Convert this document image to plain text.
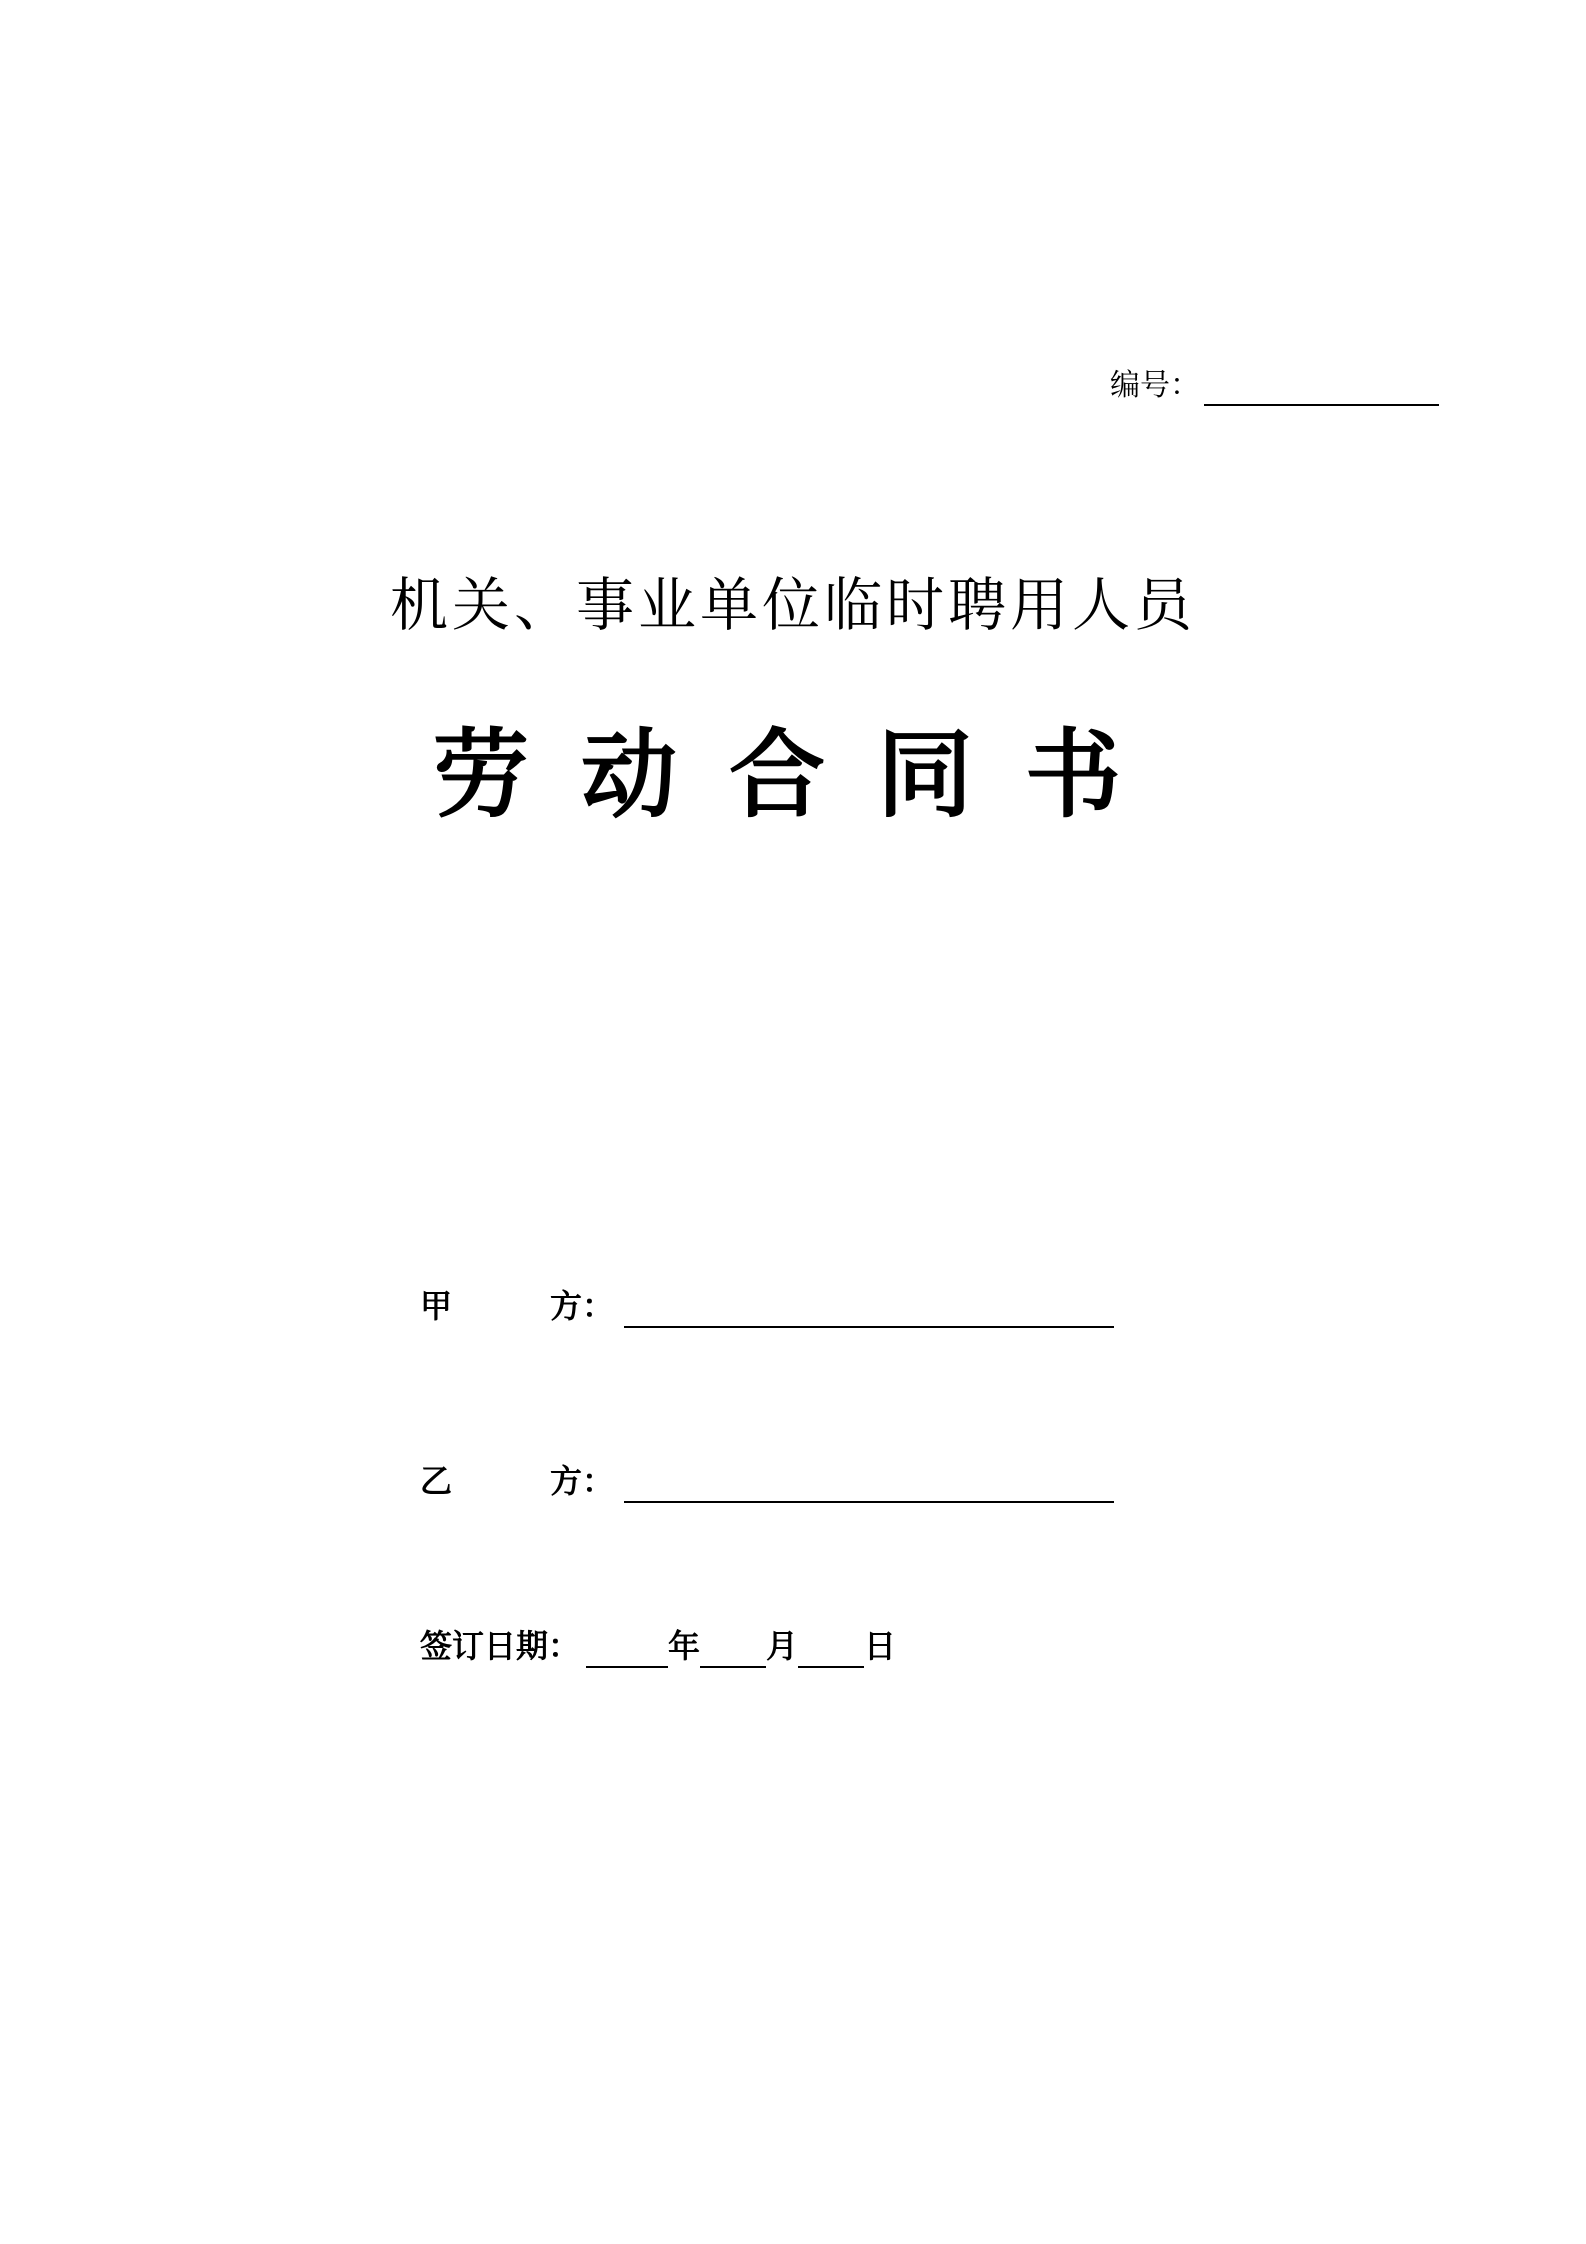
编号：
机关、事业单位临时聘用人员
劳动合同书
甲	方：
乙	方：
签订日期：	年 月 日
